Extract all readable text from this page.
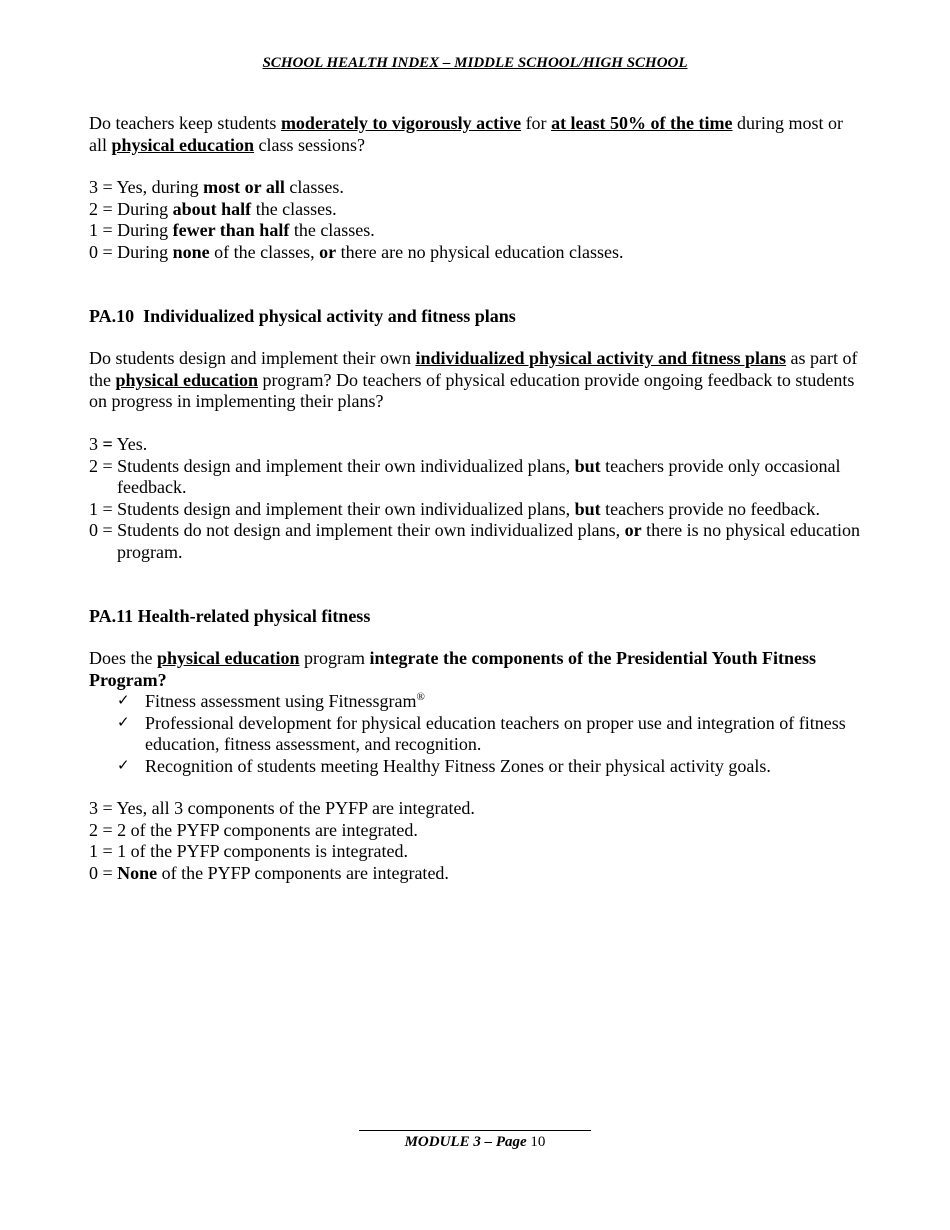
SCHOOL HEALTH INDEX – MIDDLE SCHOOL/HIGH SCHOOL
Do teachers keep students moderately to vigorously active for at least 50% of the time during most or all physical education class sessions?
3 = Yes, during most or all classes.
2 = During about half the classes.
1 = During fewer than half the classes.
0 = During none of the classes, or there are no physical education classes.
PA.10 Individualized physical activity and fitness plans
Do students design and implement their own individualized physical activity and fitness plans as part of the physical education program? Do teachers of physical education provide ongoing feedback to students on progress in implementing their plans?
3 = Yes.
2 = Students design and implement their own individualized plans, but teachers provide only occasional feedback.
1 = Students design and implement their own individualized plans, but teachers provide no feedback.
0 = Students do not design and implement their own individualized plans, or there is no physical education program.
PA.11 Health-related physical fitness
Does the physical education program integrate the components of the Presidential Youth Fitness Program?
✓ Fitness assessment using Fitnessgram®
✓ Professional development for physical education teachers on proper use and integration of fitness education, fitness assessment, and recognition.
✓ Recognition of students meeting Healthy Fitness Zones or their physical activity goals.
3 = Yes, all 3 components of the PYFP are integrated.
2 = 2 of the PYFP components are integrated.
1 = 1 of the PYFP components is integrated.
0 = None of the PYFP components are integrated.
MODULE 3 – Page 10
